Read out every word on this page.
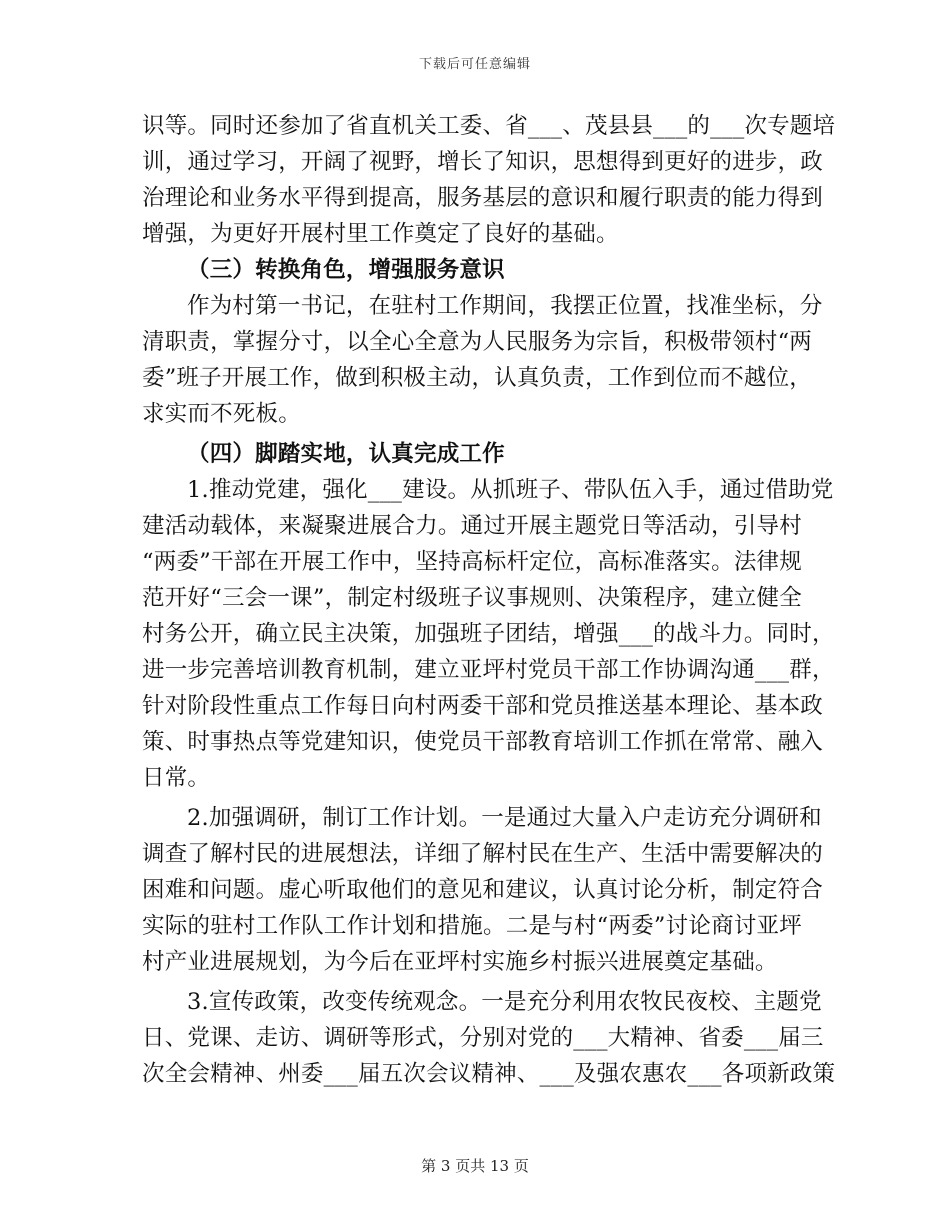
下载后可任意编辑
识等。同时还参加了省直机关工委、省___、茂县县___的___次专题培
训，通过学习，开阔了视野，增长了知识，思想得到更好的进步，政
治理论和业务水平得到提高，服务基层的意识和履行职责的能力得到
增强，为更好开展村里工作奠定了良好的基础。
（三）转换角色，增强服务意识
作为村第一书记，在驻村工作期间，我摆正位置，找准坐标，分
清职责，掌握分寸，以全心全意为人民服务为宗旨，积极带领村“两
委”班子开展工作，做到积极主动，认真负责，工作到位而不越位，
求实而不死板。
（四）脚踏实地，认真完成工作
1.推动党建，强化___建设。从抓班子、带队伍入手，通过借助党
建活动载体，来凝聚进展合力。通过开展主题党日等活动，引导村
“两委”干部在开展工作中，坚持高标杆定位，高标准落实。法律规
范开好“三会一课”，制定村级班子议事规则、决策程序，建立健全
村务公开，确立民主决策，加强班子团结，增强___的战斗力。同时，
进一步完善培训教育机制，建立亚坪村党员干部工作协调沟通___群，
针对阶段性重点工作每日向村两委干部和党员推送基本理论、基本政
策、时事热点等党建知识，使党员干部教育培训工作抓在常常、融入
日常。
2.加强调研，制订工作计划。一是通过大量入户走访充分调研和
调查了解村民的进展想法，详细了解村民在生产、生活中需要解决的
困难和问题。虚心听取他们的意见和建议，认真讨论分析，制定符合
实际的驻村工作队工作计划和措施。二是与村“两委”讨论商讨亚坪
村产业进展规划，为今后在亚坪村实施乡村振兴进展奠定基础。
3.宣传政策，改变传统观念。一是充分利用农牧民夜校、主题党
日、党课、走访、调研等形式，分别对党的___大精神、省委___届三
次全会精神、州委___届五次会议精神、___及强农惠农___各项新政策
第 3 页共 13 页
